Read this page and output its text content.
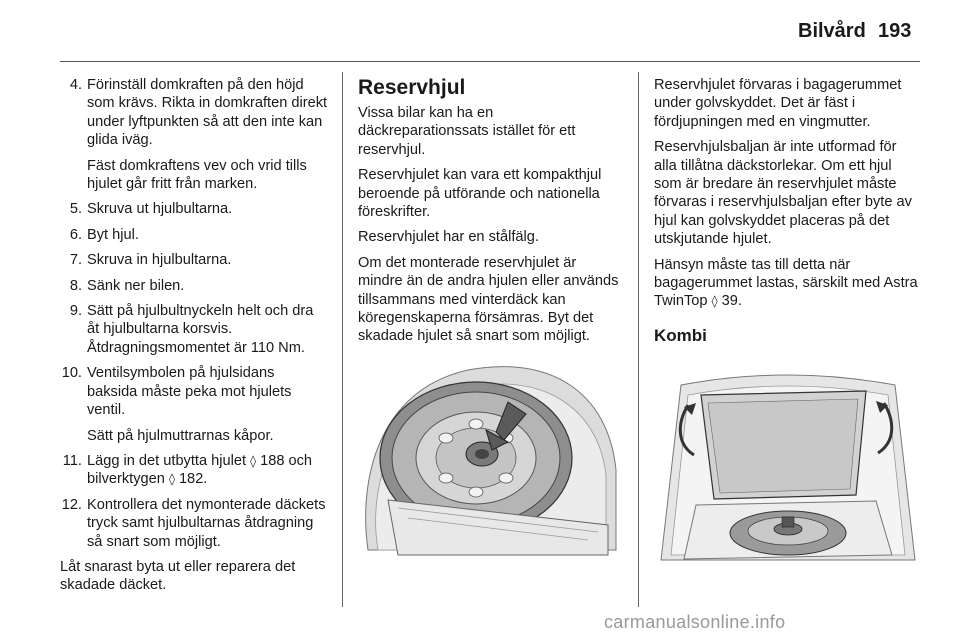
Bilvård 193
4. Förinställ domkraften på den höjd som krävs. Rikta in domkraften direkt under lyftpunkten så att den inte kan glida iväg.
Fäst domkraftens vev och vrid tills hjulet går fritt från marken.
5. Skruva ut hjulbultarna.
6. Byt hjul.
7. Skruva in hjulbultarna.
8. Sänk ner bilen.
9. Sätt på hjulbultnyckeln helt och dra åt hjulbultarna korsvis. Åtdragningsmomentet är 110 Nm.
10. Ventilsymbolen på hjulsidans baksida måste peka mot hjulets ventil.
Sätt på hjulmuttrarnas kåpor.
11. Lägg in det utbytta hjulet ◊ 188 och bilverktygen ◊ 182.
12. Kontrollera det nymonterade däckets tryck samt hjulbultarnas åtdragning så snart som möjligt.

Låt snarast byta ut eller reparera det skadade däcket.

Reservhjul

Vissa bilar kan ha en däckreparationssats istället för ett reservhjul.

Reservhjulet kan vara ett kompakthjul beroende på utförande och nationella föreskrifter.

Reservhjulet har en stålfälg.

Om det monterade reservhjulet är mindre än de andra hjulen eller används tillsammans med vinterdäck kan köregenskaperna försämras. Byt det skadade hjulet så snart som möjligt.

Reservhjulet förvaras i bagagerummet under golvskyddet. Det är fäst i fördjupningen med en vingmutter.

Reservhjulsbaljan är inte utformad för alla tillåtna däckstorlekar. Om ett hjul som är bredare än reservhjulet måste förvaras i reservhjulsbaljan efter byte av hjul kan golvskyddet placeras på det utskjutande hjulet.

Hänsyn måste tas till detta när bagagerummet lastas, särskilt med Astra TwinTop ◊ 39.

Kombi
carmanualsonline.info
